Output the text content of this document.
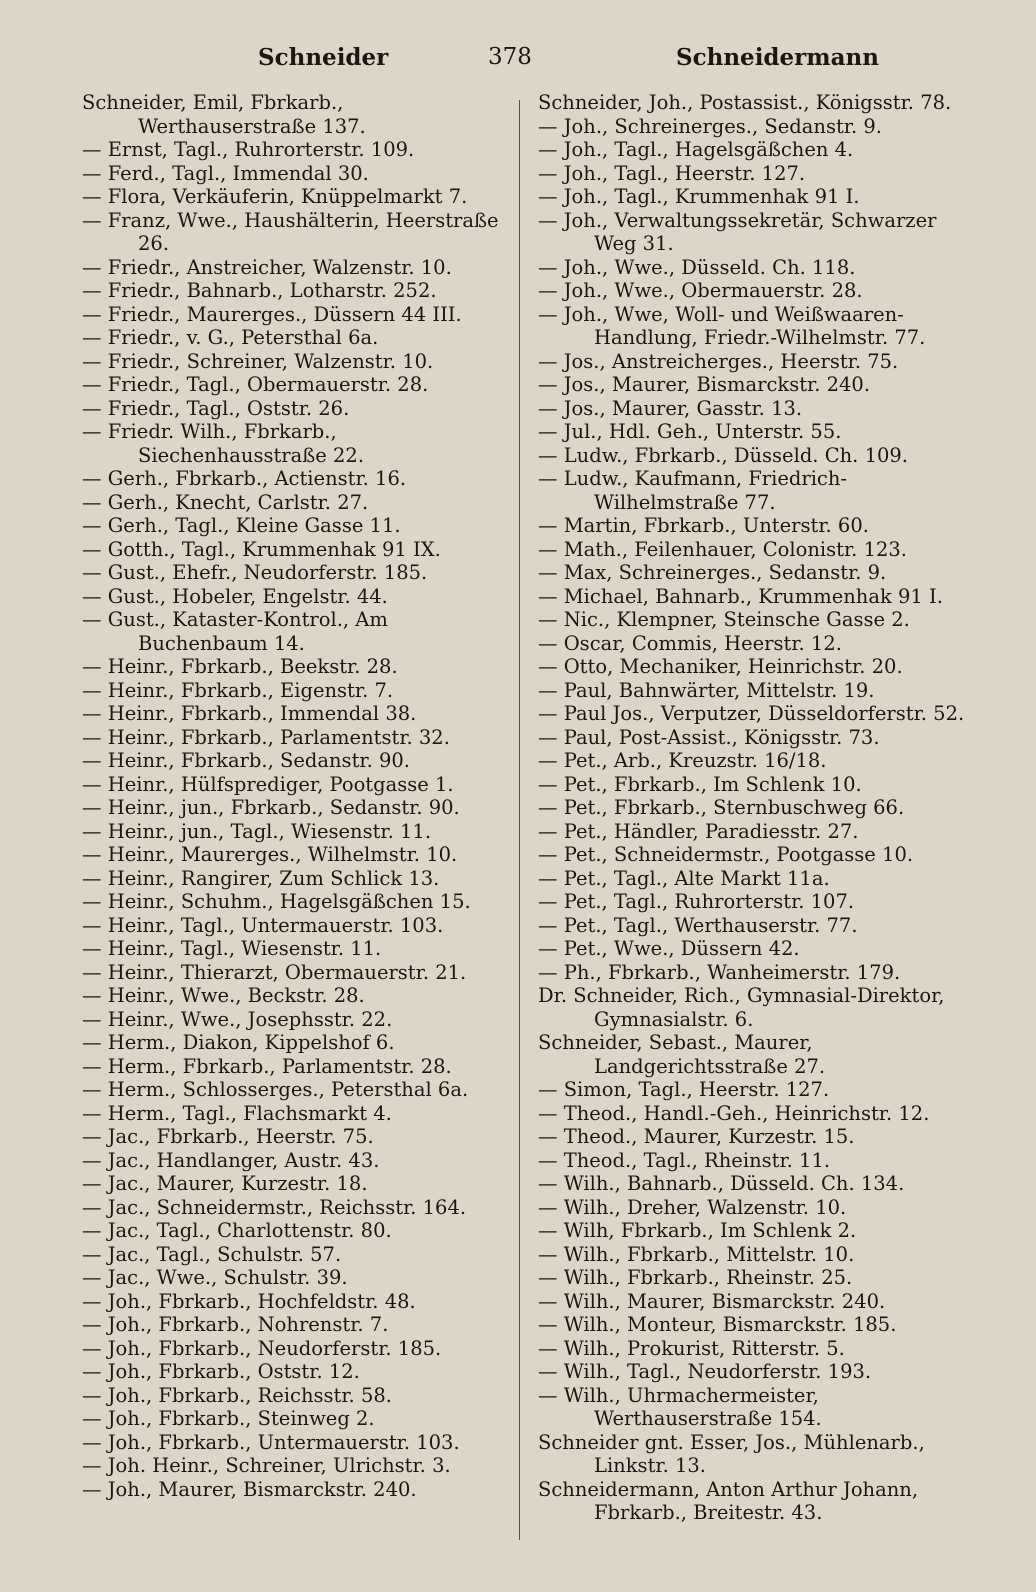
Schneider	378	Schneidermann
Schneider, Emil, Fbrkarb., Werthauserstraße 137.
— Ernst, Tagl., Ruhrorterstr. 109.
— Ferd., Tagl., Immendal 30.
— Flora, Verkäuferin, Knüppelmarkt 7.
— Franz, Wwe., Haushälterin, Heerstraße 26.
— Friedr., Anstreicher, Walzenstr. 10.
— Friedr., Bahnarb., Lotharstr. 252.
— Friedr., Maurerges., Düssern 44 III.
— Friedr., v. G., Petersthal 6a.
— Friedr., Schreiner, Walzenstr. 10.
— Friedr., Tagl., Obermauerstr. 28.
— Friedr., Tagl., Oststr. 26.
— Friedr. Wilh., Fbrkarb., Siechenhausstraße 22.
— Gerh., Fbrkarb., Actienstr. 16.
— Gerh., Knecht, Carlstr. 27.
— Gerh., Tagl., Kleine Gasse 11.
— Gotth., Tagl., Krummenhak 91 IX.
— Gust., Ehefr., Neudorferstr. 185.
— Gust., Hobeler, Engelstr. 44.
— Gust., Kataster-Kontrol., Am Buchenbaum 14.
— Heinr., Fbrkarb., Beekstr. 28.
— Heinr., Fbrkarb., Eigenstr. 7.
— Heinr., Fbrkarb., Immendal 38.
— Heinr., Fbrkarb., Parlamentstr. 32.
— Heinr., Fbrkarb., Sedanstr. 90.
— Heinr., Hülfsprediger, Pootgasse 1.
— Heinr., jun., Fbrkarb., Sedanstr. 90.
— Heinr., jun., Tagl., Wiesenstr. 11.
— Heinr., Maurerges., Wilhelmstr. 10.
— Heinr., Rangirer, Zum Schlick 13.
— Heinr., Schuhm., Hagelsgäßchen 15.
— Heinr., Tagl., Untermauerstr. 103.
— Heinr., Tagl., Wiesenstr. 11.
— Heinr., Thierarzt, Obermauerstr. 21.
— Heinr., Wwe., Beckstr. 28.
— Heinr., Wwe., Josephsstr. 22.
— Herm., Diakon, Kippelshof 6.
— Herm., Fbrkarb., Parlamentstr. 28.
— Herm., Schlosserges., Petersthal 6a.
— Herm., Tagl., Flachsmarkt 4.
— Jac., Fbrkarb., Heerstr. 75.
— Jac., Handlanger, Austr. 43.
— Jac., Maurer, Kurzestr. 18.
— Jac., Schneidermstr., Reichsstr. 164.
— Jac., Tagl., Charlottenstr. 80.
— Jac., Tagl., Schulstr. 57.
— Jac., Wwe., Schulstr. 39.
— Joh., Fbrkarb., Hochfeldstr. 48.
— Joh., Fbrkarb., Nohrenstr. 7.
— Joh., Fbrkarb., Neudorferstr. 185.
— Joh., Fbrkarb., Oststr. 12.
— Joh., Fbrkarb., Reichsstr. 58.
— Joh., Fbrkarb., Steinweg 2.
— Joh., Fbrkarb., Untermauerstr. 103.
— Joh. Heinr., Schreiner, Ulrichstr. 3.
— Joh., Maurer, Bismarckstr. 240.
Schneider, Joh., Postassist., Königsstr. 78.
— Joh., Schreinerges., Sedanstr. 9.
— Joh., Tagl., Hagelsgäßchen 4.
— Joh., Tagl., Heerstr. 127.
— Joh., Tagl., Krummenhak 91 I.
— Joh., Verwaltungssekretär, Schwarzer Weg 31.
— Joh., Wwe., Düsseld. Ch. 118.
— Joh., Wwe., Obermauerstr. 28.
— Joh., Wwe, Woll- und Weißwaaren-Handlung, Friedr.-Wilhelmstr. 77.
— Jos., Anstreicherges., Heerstr. 75.
— Jos., Maurer, Bismarckstr. 240.
— Jos., Maurer, Gasstr. 13.
— Jul., Hdl. Geh., Unterstr. 55.
— Ludw., Fbrkarb., Düsseld. Ch. 109.
— Ludw., Kaufmann, Friedrich-Wilhelmstraße 77.
— Martin, Fbrkarb., Unterstr. 60.
— Math., Feilenhauer, Colonistr. 123.
— Max, Schreinerges., Sedanstr. 9.
— Michael, Bahnarb., Krummenhak 91 I.
— Nic., Klempner, Steinsche Gasse 2.
— Oscar, Commis, Heerstr. 12.
— Otto, Mechaniker, Heinrichstr. 20.
— Paul, Bahnwärter, Mittelstr. 19.
— Paul Jos., Verputzer, Düsseldorferstr. 52.
— Paul, Post-Assist., Königsstr. 73.
— Pet., Arb., Kreuzstr. 16/18.
— Pet., Fbrkarb., Im Schlenk 10.
— Pet., Fbrkarb., Sternbuschweg 66.
— Pet., Händler, Paradiesstr. 27.
— Pet., Schneidermstr., Pootgasse 10.
— Pet., Tagl., Alte Markt 11a.
— Pet., Tagl., Ruhrorterstr. 107.
— Pet., Tagl., Werthauserstr. 77.
— Pet., Wwe., Düssern 42.
— Ph., Fbrkarb., Wanheimerstr. 179.
Dr. Schneider, Rich., Gymnasial-Direktor, Gymnasialstr. 6.
Schneider, Sebast., Maurer, Landgerichtsstraße 27.
— Simon, Tagl., Heerstr. 127.
— Theod., Handl.-Geh., Heinrichstr. 12.
— Theod., Maurer, Kurzestr. 15.
— Theod., Tagl., Rheinstr. 11.
— Wilh., Bahnarb., Düsseld. Ch. 134.
— Wilh., Dreher, Walzenstr. 10.
— Wilh, Fbrkarb., Im Schlenk 2.
— Wilh., Fbrkarb., Mittelstr. 10.
— Wilh., Fbrkarb., Rheinstr. 25.
— Wilh., Maurer, Bismarckstr. 240.
— Wilh., Monteur, Bismarckstr. 185.
— Wilh., Prokurist, Ritterstr. 5.
— Wilh., Tagl., Neudorferstr. 193.
— Wilh., Uhrmachermeister, Werthauserstraße 154.
Schneider gnt. Esser, Jos., Mühlenarb., Linkstr. 13.
Schneidermann, Anton Arthur Johann, Fbrkarb., Breitestr. 43.
